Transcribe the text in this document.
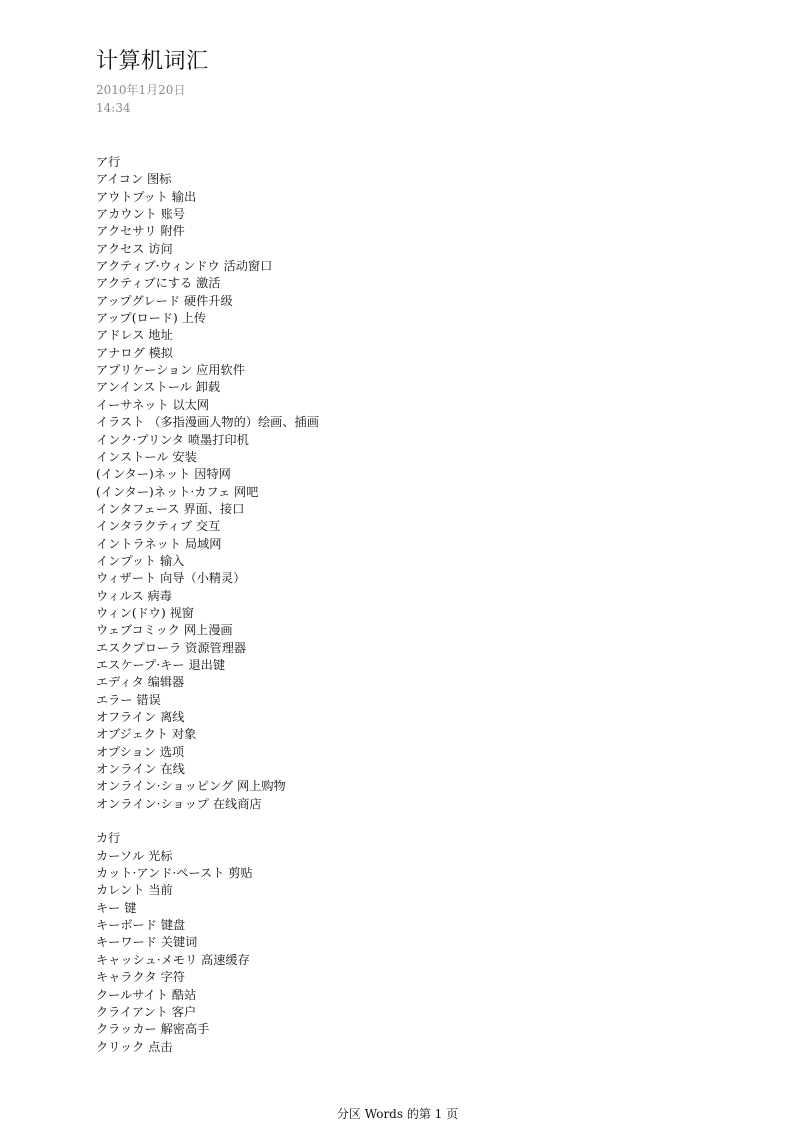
计算机词汇
2010年1月20日
14:34
ア行
アイコン 图标
アウトプット 输出
アカウント 账号
アクセサリ 附件
アクセス 访问
アクティブ·ウィンドウ 活动窗口
アクティブにする 激活
アップグレード 硬件升级
アップ(ロード) 上传
アドレス 地址
アナログ 模拟
アプリケーション 应用软件
アンインストール 卸载
イーサネット 以太网
イラスト （多指漫画人物的）绘画、插画
インク·プリンタ 喷墨打印机
インストール 安装
(インター)ネット 因特网
(インター)ネット·カフェ 网吧
インタフェース 界面、接口
インタラクティブ 交互
イントラネット 局域网
インプット 输入
ウィザート 向导（小精灵）
ウィルス 病毒
ウィン(ドウ) 视窗
ウェブコミック 网上漫画
エスクプローラ 资源管理器
エスケープ·キー 退出键
エディタ 编辑器
エラー 错误
オフライン 离线
オブジェクト 对象
オプション 选项
オンライン 在线
オンライン·ショッピング 网上购物
オンライン·ショップ 在线商店
カ行
カーソル 光标
カット·アンド·ペースト 剪贴
カレント 当前
キー 键
キーボード 键盘
キーワード 关键词
キャッシュ·メモリ 高速缓存
キャラクタ 字符
クールサイト 酷站
クライアント 客户
クラッカー 解密高手
クリック 点击
分区 Words 的第 1 页
